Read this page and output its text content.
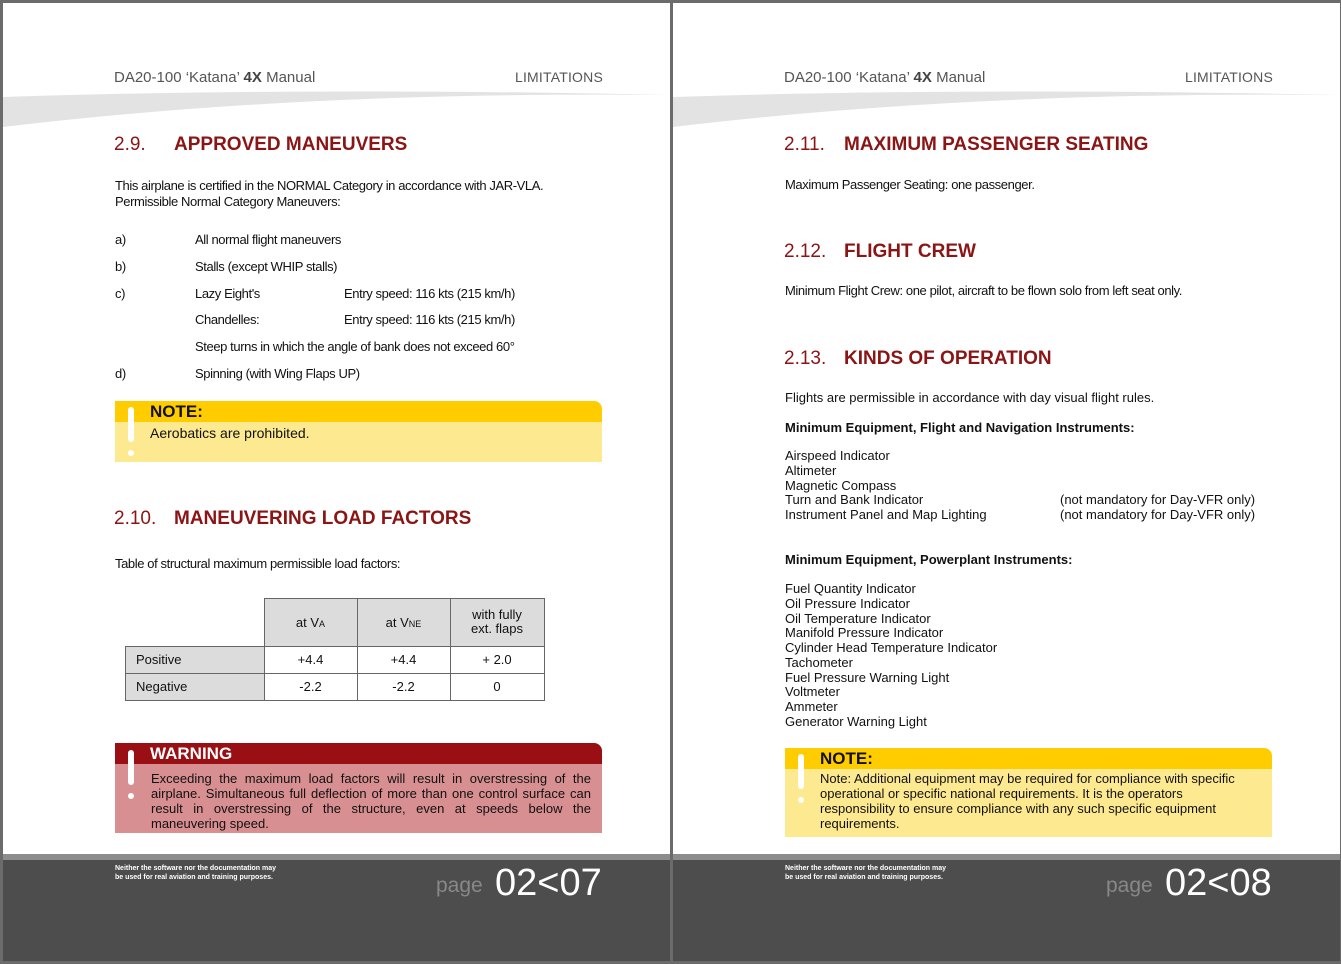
DA20-100 ‘Katana’ 4X Manual	LIMITATIONS
2.9. APPROVED MANEUVERS
This airplane is certified in the NORMAL Category in accordance with JAR-VLA.
Permissible Normal Category Maneuvers:
a)	All normal flight maneuvers
b)	Stalls (except WHIP stalls)
c)	Lazy Eight's	Entry speed: 116 kts (215 km/h)
Chandelles:	Entry speed: 116 kts (215 km/h)
Steep turns in which the angle of bank does not exceed 60°
d)	Spinning (with Wing Flaps UP)
NOTE:
Aerobatics are prohibited.
2.10. MANEUVERING LOAD FACTORS
Table of structural maximum permissible load factors:
	at VA	at VNE	with fully
ext. flaps
Positive	+4.4	+4.4	+ 2.0
Negative	-2.2	-2.2	0
WARNING
Exceeding the maximum load factors will result in overstressing of the airplane. Simultaneous full deflection of more than one control surface can result in overstressing of the structure, even at speeds below the maneuvering speed.
Neither the software nor the documentation may
be used for real aviation and training purposes.	page 02<07
DA20-100 ‘Katana’ 4X Manual	LIMITATIONS
2.11. MAXIMUM PASSENGER SEATING
Maximum Passenger Seating: one passenger.
2.12. FLIGHT CREW
Minimum Flight Crew: one pilot, aircraft to be flown solo from left seat only.
2.13. KINDS OF OPERATION
Flights are permissible in accordance with day visual flight rules.
Minimum Equipment, Flight and Navigation Instruments:
Airspeed Indicator
Altimeter
Magnetic Compass
Turn and Bank Indicator	(not mandatory for Day-VFR only)
Instrument Panel and Map Lighting	(not mandatory for Day-VFR only)
Minimum Equipment, Powerplant Instruments:
Fuel Quantity Indicator
Oil Pressure Indicator
Oil Temperature Indicator
Manifold Pressure Indicator
Cylinder Head Temperature Indicator
Tachometer
Fuel Pressure Warning Light
Voltmeter
Ammeter
Generator Warning Light
NOTE:
Note: Additional equipment may be required for compliance with specific operational or specific national requirements. It is the operators responsibility to ensure compliance with any such specific equipment requirements.
Neither the software nor the documentation may
be used for real aviation and training purposes.	page 02<08
